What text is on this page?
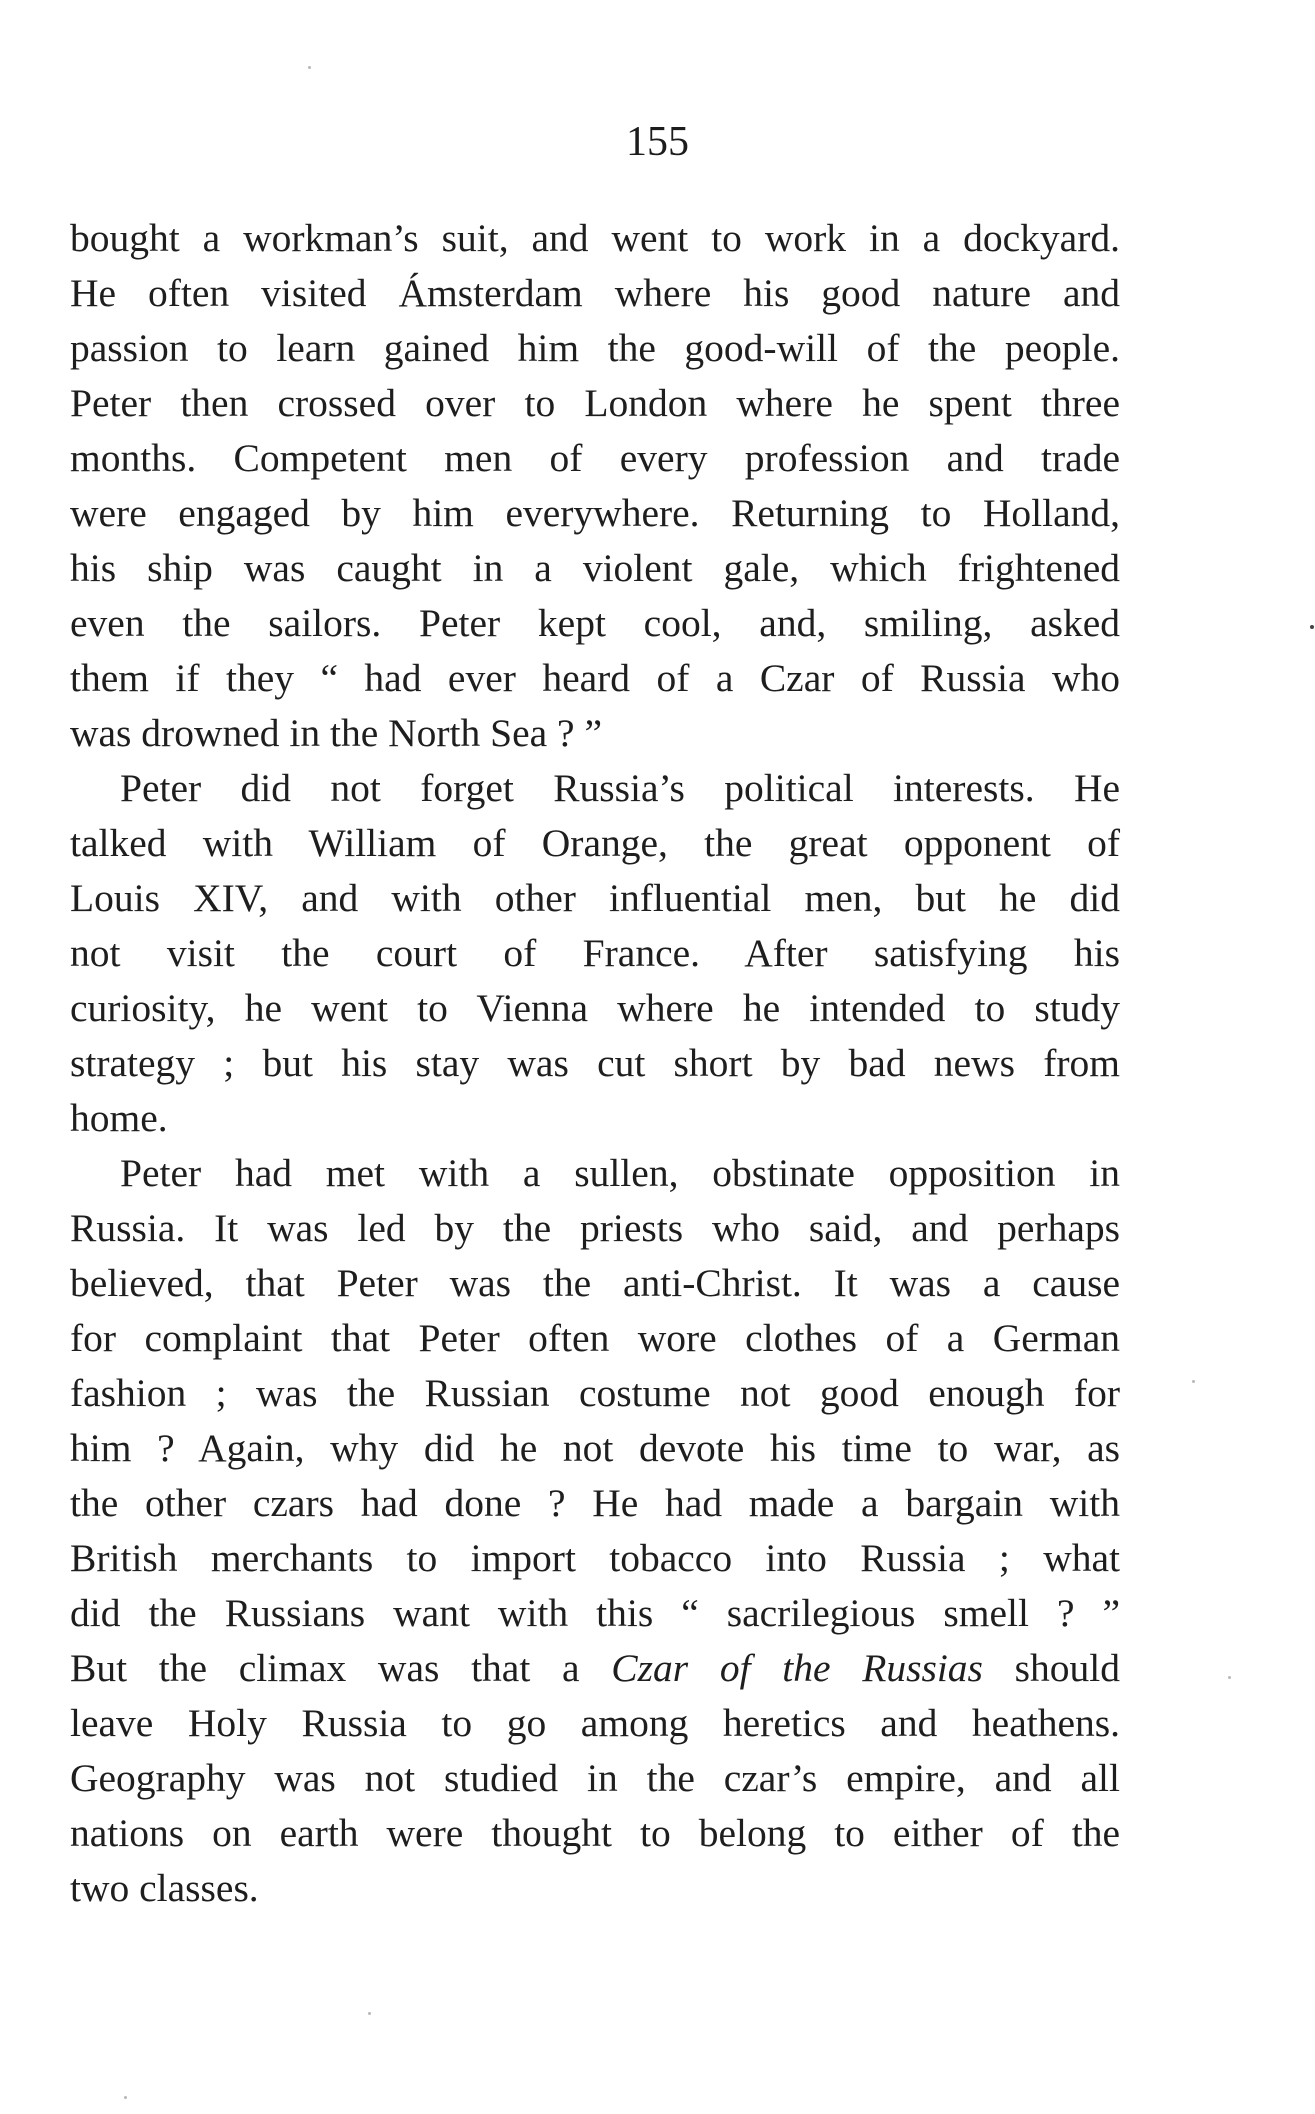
155
bought a workman’s suit, and went to work in a dockyard.
He often visited Ámsterdam where his good nature and
passion to learn gained him the good-will of the people.
Peter then crossed over to London where he spent three
months. Competent men of every profession and trade
were engaged by him everywhere. Returning to Holland,
his ship was caught in a violent gale, which frightened
even the sailors. Peter kept cool, and, smiling, asked
them if they “ had ever heard of a Czar of Russia who
was drowned in the North Sea ? ”
Peter did not forget Russia’s political interests. He
talked with William of Orange, the great opponent of
Louis XIV, and with other influential men, but he did
not visit the court of France. After satisfying his
curiosity, he went to Vienna where he intended to study
strategy ; but his stay was cut short by bad news from
home.
Peter had met with a sullen, obstinate opposition in
Russia. It was led by the priests who said, and perhaps
believed, that Peter was the anti-Christ. It was a cause
for complaint that Peter often wore clothes of a German
fashion ; was the Russian costume not good enough for
him ? Again, why did he not devote his time to war, as
the other czars had done ? He had made a bargain with
British merchants to import tobacco into Russia ; what
did the Russians want with this “ sacrilegious smell ? ”
But the climax was that a Czar of the Russias should
leave Holy Russia to go among heretics and heathens.
Geography was not studied in the czar’s empire, and all
nations on earth were thought to belong to either of the
two classes.
